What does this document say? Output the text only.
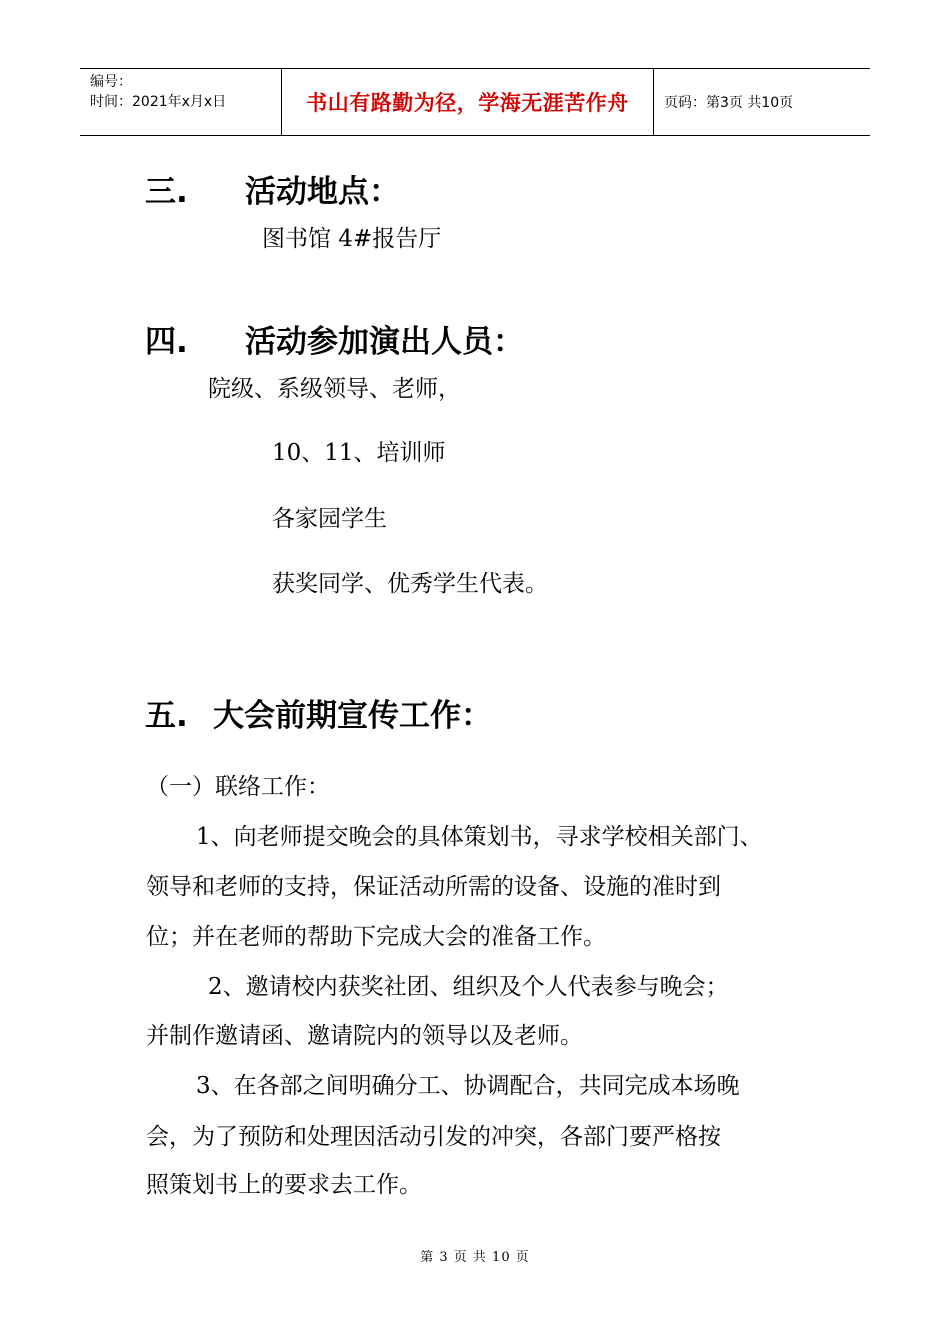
编号：
时间：2021年x月x日	书山有路勤为径，学海无涯苦作舟	页码：第3页 共10页
三. 活动地点：
图书馆 4#报告厅
四. 活动参加演出人员：
院级、系级领导、老师，
10、11、培训师
各家园学生
获奖同学、优秀学生代表。
五. 大会前期宣传工作：
（一）联络工作：
1、向老师提交晚会的具体策划书，寻求学校相关部门、
领导和老师的支持，保证活动所需的设备、设施的准时到
位；并在老师的帮助下完成大会的准备工作。
2、邀请校内获奖社团、组织及个人代表参与晚会；
并制作邀请函、邀请院内的领导以及老师。
3、在各部之间明确分工、协调配合，共同完成本场晚
会，为了预防和处理因活动引发的冲突，各部门要严格按
照策划书上的要求去工作。
第 3 页 共 10 页
